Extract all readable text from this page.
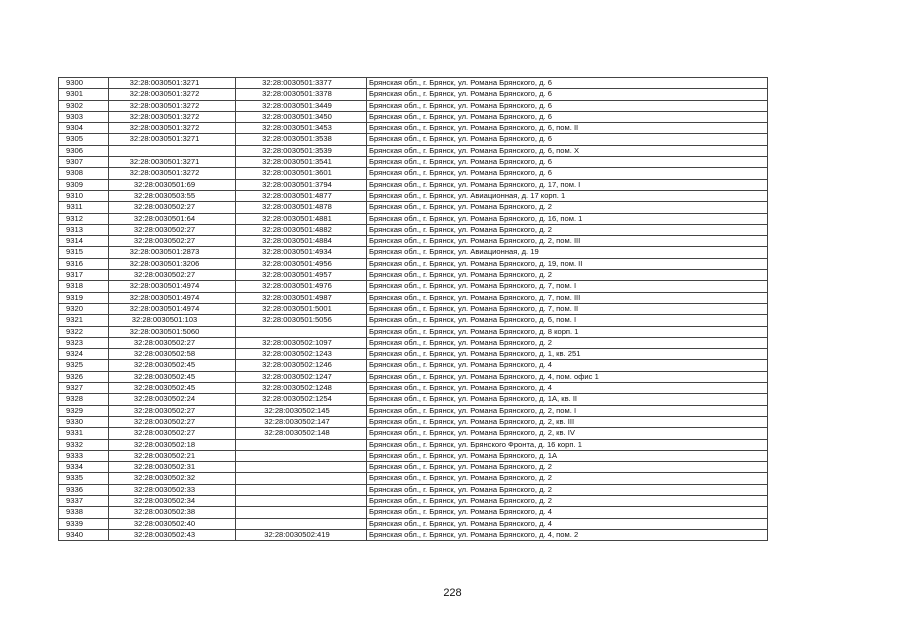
9300	32:28:0030501:3271	32:28:0030501:3377	Брянская обл., г. Брянск, ул. Романа Брянского, д. 6
9301	32:28:0030501:3272	32:28:0030501:3378	Брянская обл., г. Брянск, ул. Романа Брянского, д. 6
9302	32:28:0030501:3272	32:28:0030501:3449	Брянская обл., г. Брянск, ул. Романа Брянского, д. 6
9303	32:28:0030501:3272	32:28:0030501:3450	Брянская обл., г. Брянск, ул. Романа Брянского, д. 6
9304	32:28:0030501:3272	32:28:0030501:3453	Брянская обл., г. Брянск, ул. Романа Брянского, д. 6, пом. II
9305	32:28:0030501:3271	32:28:0030501:3538	Брянская обл., г. Брянск, ул. Романа Брянского, д. 6
9306		32:28:0030501:3539	Брянская обл., г. Брянск, ул. Романа Брянского, д. 6, пом. X
9307	32:28:0030501:3271	32:28:0030501:3541	Брянская обл., г. Брянск, ул. Романа Брянского, д. 6
9308	32:28:0030501:3272	32:28:0030501:3601	Брянская обл., г. Брянск, ул. Романа Брянского, д. 6
9309	32:28:0030501:69	32:28:0030501:3794	Брянская обл., г. Брянск, ул. Романа Брянского, д. 17, пом. I
9310	32:28:0030503:55	32:28:0030501:4877	Брянская обл., г. Брянск, ул. Авиационная, д. 17 корп. 1
9311	32:28:0030502:27	32:28:0030501:4878	Брянская обл., г. Брянск, ул. Романа Брянского, д. 2
9312	32:28:0030501:64	32:28:0030501:4881	Брянская обл., г. Брянск, ул. Романа Брянского, д. 16, пом. 1
9313	32:28:0030502:27	32:28:0030501:4882	Брянская обл., г. Брянск, ул. Романа Брянского, д. 2
9314	32:28:0030502:27	32:28:0030501:4884	Брянская обл., г. Брянск, ул. Романа Брянского, д. 2, пом. III
9315	32:28:0030501:2873	32:28:0030501:4934	Брянская обл., г. Брянск, ул. Авиационная, д. 19
9316	32:28:0030501:3206	32:28:0030501:4956	Брянская обл., г. Брянск, ул. Романа Брянского, д. 19, пом. II
9317	32:28:0030502:27	32:28:0030501:4957	Брянская обл., г. Брянск, ул. Романа Брянского, д. 2
9318	32:28:0030501:4974	32:28:0030501:4976	Брянская обл., г. Брянск, ул. Романа Брянского, д. 7, пом. I
9319	32:28:0030501:4974	32:28:0030501:4987	Брянская обл., г. Брянск, ул. Романа Брянского, д. 7, пом. III
9320	32:28:0030501:4974	32:28:0030501:5001	Брянская обл., г. Брянск, ул. Романа Брянского, д. 7, пом. II
9321	32:28:0030501:103	32:28:0030501:5056	Брянская обл., г. Брянск, ул. Романа Брянского, д. 6, пом. I
9322	32:28:0030501:5060		Брянская обл., г. Брянск, ул. Романа Брянского, д. 8 корп. 1
9323	32:28:0030502:27	32:28:0030502:1097	Брянская обл., г. Брянск, ул. Романа Брянского, д. 2
9324	32:28:0030502:58	32:28:0030502:1243	Брянская обл., г. Брянск, ул. Романа Брянского, д. 1, кв. 251
9325	32:28:0030502:45	32:28:0030502:1246	Брянская обл., г. Брянск, ул. Романа Брянского, д. 4
9326	32:28:0030502:45	32:28:0030502:1247	Брянская обл., г. Брянск, ул. Романа Брянского, д. 4, пом. офис 1
9327	32:28:0030502:45	32:28:0030502:1248	Брянская обл., г. Брянск, ул. Романа Брянского, д. 4
9328	32:28:0030502:24	32:28:0030502:1254	Брянская обл., г. Брянск, ул. Романа Брянского, д. 1А, кв. II
9329	32:28:0030502:27	32:28:0030502:145	Брянская обл., г. Брянск, ул. Романа Брянского, д. 2, пом. I
9330	32:28:0030502:27	32:28:0030502:147	Брянская обл., г. Брянск, ул. Романа Брянского, д. 2, кв. III
9331	32:28:0030502:27	32:28:0030502:148	Брянская обл., г. Брянск, ул. Романа Брянского, д. 2, кв. IV
9332	32:28:0030502:18		Брянская обл., г. Брянск, ул. Брянского Фронта, д. 16 корп. 1
9333	32:28:0030502:21		Брянская обл., г. Брянск, ул. Романа Брянского, д. 1А
9334	32:28:0030502:31		Брянская обл., г. Брянск, ул. Романа Брянского, д. 2
9335	32:28:0030502:32		Брянская обл., г. Брянск, ул. Романа Брянского, д. 2
9336	32:28:0030502:33		Брянская обл., г. Брянск, ул. Романа Брянского, д. 2
9337	32:28:0030502:34		Брянская обл., г. Брянск, ул. Романа Брянского, д. 2
9338	32:28:0030502:38		Брянская обл., г. Брянск, ул. Романа Брянского, д. 4
9339	32:28:0030502:40		Брянская обл., г. Брянск, ул. Романа Брянского, д. 4
9340	32:28:0030502:43	32:28:0030502:419	Брянская обл., г. Брянск, ул. Романа Брянского, д. 4, пом. 2
228
